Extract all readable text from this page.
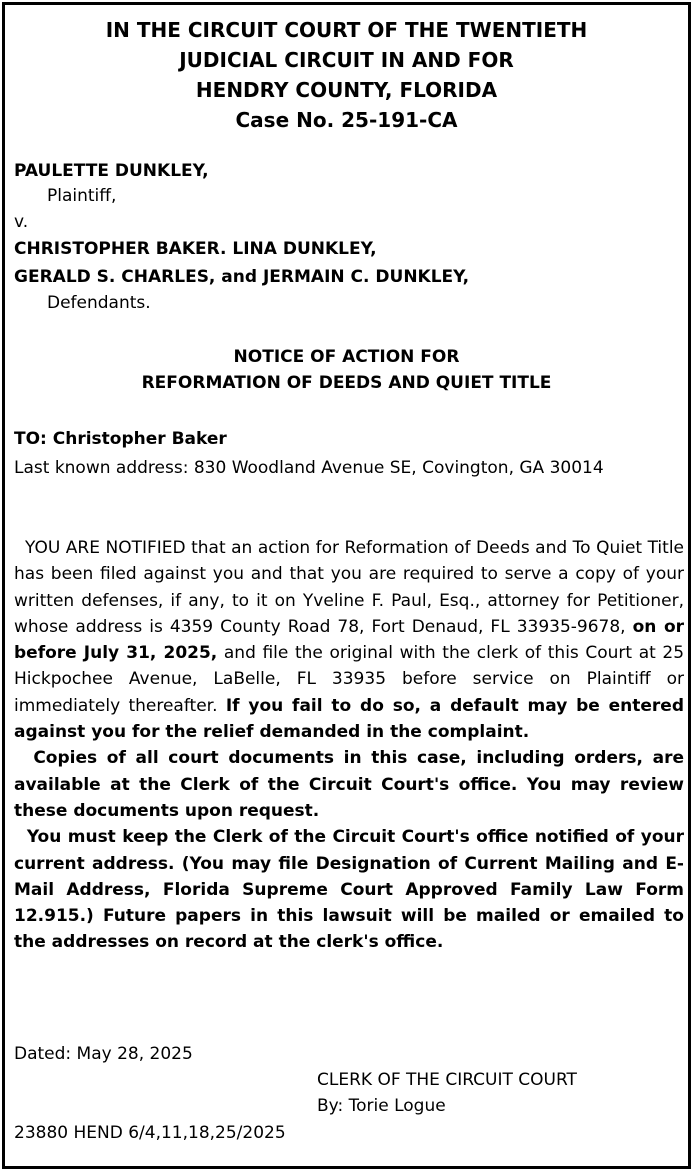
IN THE CIRCUIT COURT OF THE TWENTIETH
JUDICIAL CIRCUIT IN AND FOR
HENDRY COUNTY, FLORIDA
Case No. 25-191-CA
PAULETTE DUNKLEY,
Plaintiff,
v.
CHRISTOPHER BAKER. LINA DUNKLEY,
GERALD S. CHARLES, and JERMAIN C. DUNKLEY,
Defendants.
NOTICE OF ACTION FOR
REFORMATION OF DEEDS AND QUIET TITLE
TO: Christopher Baker
Last known address: 830 Woodland Avenue SE, Covington, GA 30014

YOU ARE NOTIFIED that an action for Reformation of Deeds and To Quiet Title has been filed against you and that you are required to serve a copy of your written defenses, if any, to it on Yveline F. Paul, Esq., attorney for Petitioner, whose address is 4359 County Road 78, Fort Denaud, FL 33935-9678, on or before July 31, 2025, and file the original with the clerk of this Court at 25 Hickpochee Avenue, LaBelle, FL 33935 before service on Plaintiff or immediately thereafter. If you fail to do so, a default may be entered against you for the relief demanded in the complaint.

Copies of all court documents in this case, including orders, are available at the Clerk of the Circuit Court's office. You may review these documents upon request.

You must keep the Clerk of the Circuit Court's office notified of your current address. (You may file Designation of Current Mailing and E-Mail Address, Florida Supreme Court Approved Family Law Form 12.915.) Future papers in this lawsuit will be mailed or emailed to the addresses on record at the clerk's office.

Dated: May 28, 2025
CLERK OF THE CIRCUIT COURT
By: Torie Logue
23880 HEND 6/4,11,18,25/2025
